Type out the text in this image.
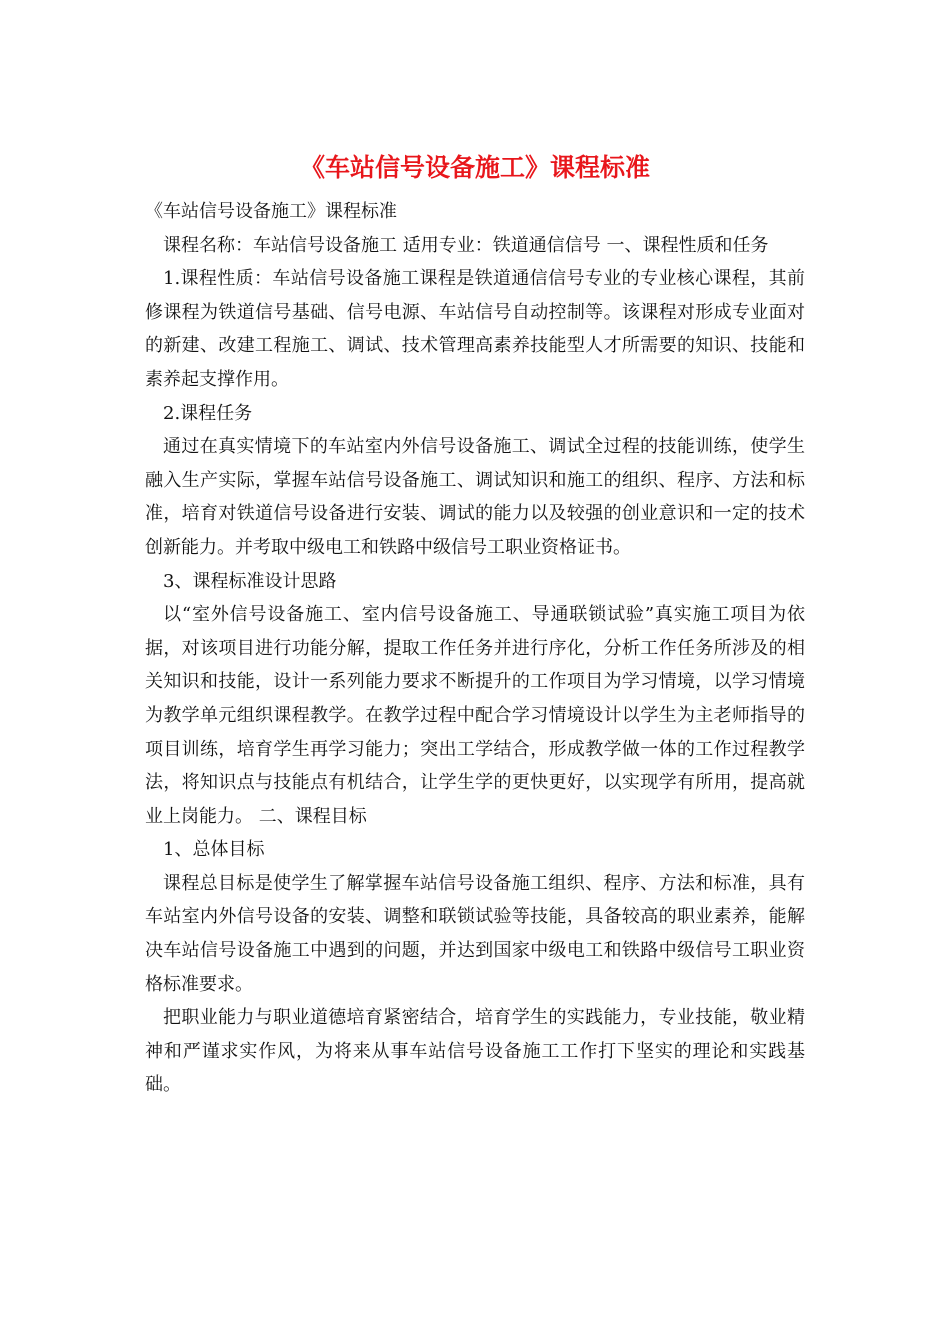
《车站信号设备施工》课程标准

《车站信号设备施工》课程标准

课程名称：车站信号设备施工 适用专业：铁道通信信号 一、课程性质和任务

1.课程性质：车站信号设备施工课程是铁道通信信号专业的专业核心课程，其前修课程为铁道信号基础、信号电源、车站信号自动控制等。该课程对形成专业面对的新建、改建工程施工、调试、技术管理高素养技能型人才所需要的知识、技能和素养起支撑作用。

2.课程任务

通过在真实情境下的车站室内外信号设备施工、调试全过程的技能训练，使学生融入生产实际，掌握车站信号设备施工、调试知识和施工的组织、程序、方法和标准，培育对铁道信号设备进行安装、调试的能力以及较强的创业意识和一定的技术创新能力。并考取中级电工和铁路中级信号工职业资格证书。

3、课程标准设计思路

以“室外信号设备施工、室内信号设备施工、导通联锁试验”真实施工项目为依据，对该项目进行功能分解，提取工作任务并进行序化，分析工作任务所涉及的相关知识和技能，设计一系列能力要求不断提升的工作项目为学习情境，以学习情境为教学单元组织课程教学。在教学过程中配合学习情境设计以学生为主老师指导的项目训练，培育学生再学习能力；突出工学结合，形成教学做一体的工作过程教学法，将知识点与技能点有机结合，让学生学的更快更好，以实现学有所用，提高就业上岗能力。 二、课程目标

1、总体目标

课程总目标是使学生了解掌握车站信号设备施工组织、程序、方法和标准，具有车站室内外信号设备的安装、调整和联锁试验等技能，具备较高的职业素养，能解决车站信号设备施工中遇到的问题，并达到国家中级电工和铁路中级信号工职业资格标准要求。

把职业能力与职业道德培育紧密结合，培育学生的实践能力，专业技能，敬业精神和严谨求实作风，为将来从事车站信号设备施工工作打下坚实的理论和实践基础。
